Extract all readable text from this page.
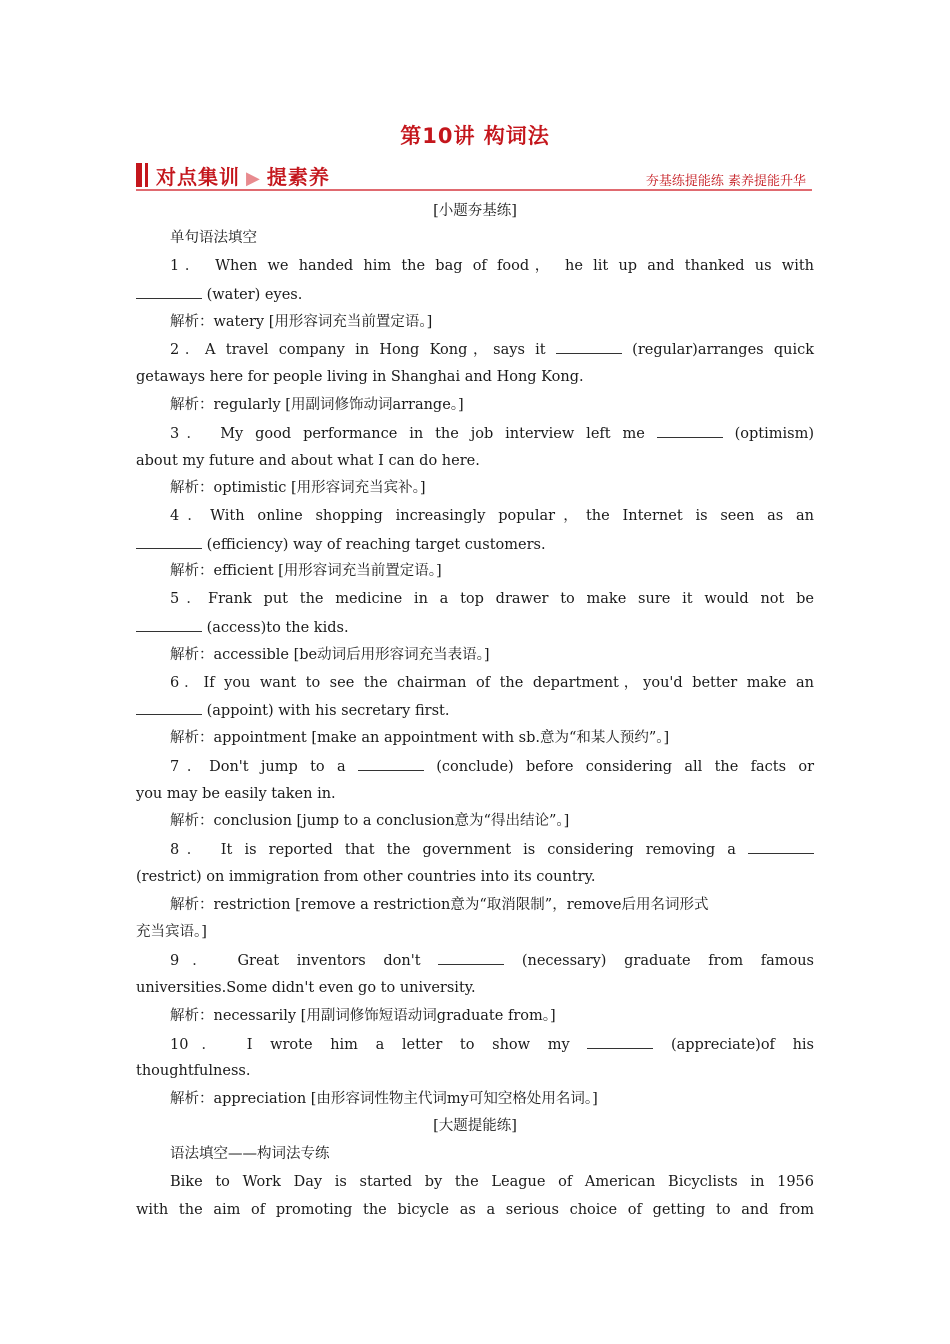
第10讲 构词法
对点集训 ▶ 提素养	夯基练提能练 素养提能升华
[小题夯基练]
单句语法填空
1． When we handed him the bag of food， he lit up and thanked us with
(water) eyes.
解析：watery [用形容词充当前置定语。]
2．A travel company in Hong Kong，says it	(regular)arranges quick
getaways here for people living in Shanghai and Hong Kong.
解析：regularly [用副词修饰动词arrange。]
3． My good performance in the job interview left me	(optimism)
about my future and about what I can do here.
解析：optimistic [用形容词充当宾补。]
4．With online shopping increasingly popular，the Internet is seen as an
(efficiency) way of reaching target customers.
解析：efficient [用形容词充当前置定语。]
5．Frank put the medicine in a top drawer to make sure it would not be
(access)to the kids.
解析：accessible [be动词后用形容词充当表语。]
6．If you want to see the chairman of the department，you'd better make an
(appoint) with his secretary first.
解析：appointment [make an appointment with sb.意为“和某人预约”。]
7．Don't jump to a	(conclude) before considering all the facts or
you may be easily taken in.
解析：conclusion [jump to a conclusion意为“得出结论”。]
8． It is reported that the government is considering removing a
(restrict) on immigration from other countries into its country.
解析：restriction [remove a restriction意为“取消限制”，remove后用名词形式
充当宾语。]
9． Great inventors don't	(necessary) graduate from famous
universities.Some didn't even go to university.
解析：necessarily [用副词修饰短语动词graduate from。]
10． I wrote him a letter to show my	(appreciate)of his
thoughtfulness.
解析：appreciation [由形容词性物主代词my可知空格处用名词。]
[大题提能练]
语法填空——构词法专练
Bike to Work Day is started by the League of American Bicyclists in 1956
with the aim of promoting the bicycle as a serious choice of getting to and from
